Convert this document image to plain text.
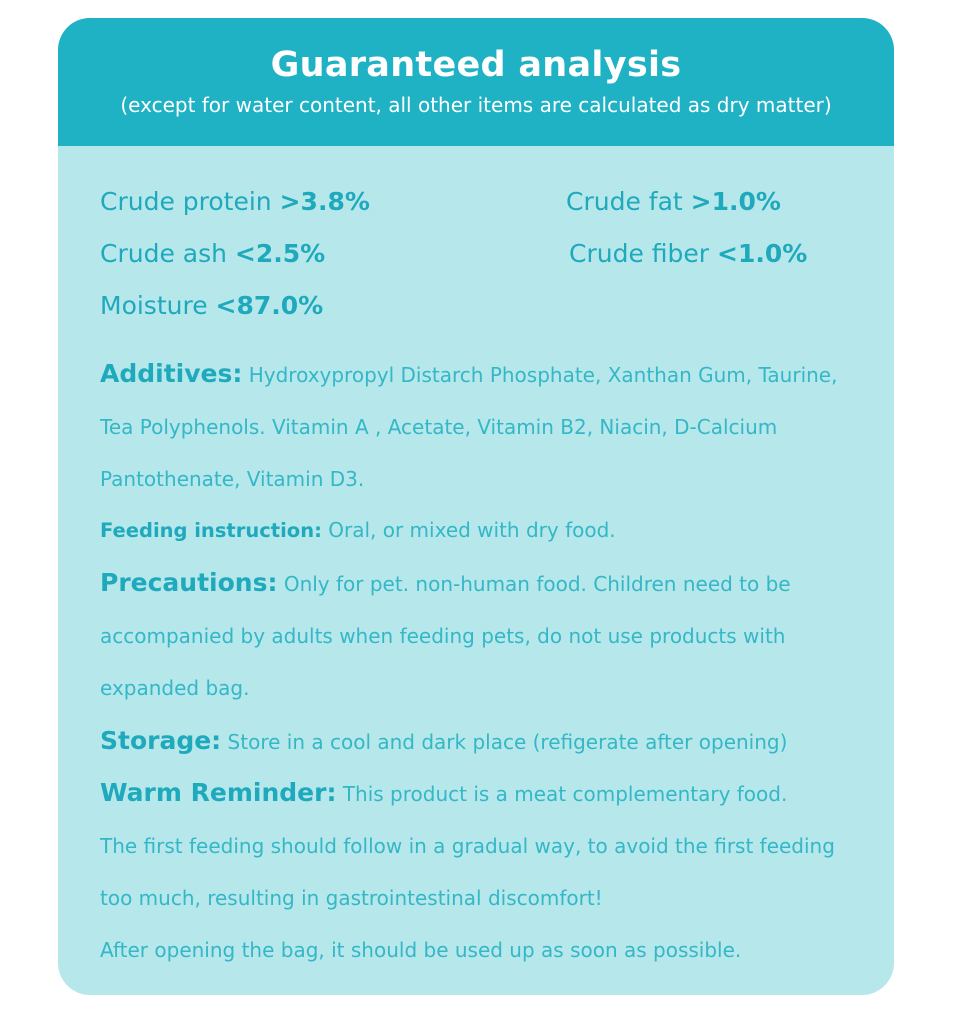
Guaranteed analysis
(except for water content, all other items are calculated as dry matter)
Crude protein >3.8%	Crude fat >1.0%
Crude ash <2.5%	Crude fiber <1.0%
Moisture <87.0%
Additives: Hydroxypropyl Distarch Phosphate, Xanthan Gum, Taurine,
Tea Polyphenols. Vitamin A , Acetate, Vitamin B2, Niacin, D-Calcium
Pantothenate, Vitamin D3.
Feeding instruction: Oral, or mixed with dry food.
Precautions: Only for pet. non-human food. Children need to be
accompanied by adults when feeding pets, do not use products with
expanded bag.
Storage: Store in a cool and dark place (refigerate after opening)
Warm Reminder: This product is a meat complementary food.
The first feeding should follow in a gradual way, to avoid the first feeding
too much, resulting in gastrointestinal discomfort!
After opening the bag, it should be used up as soon as possible.
